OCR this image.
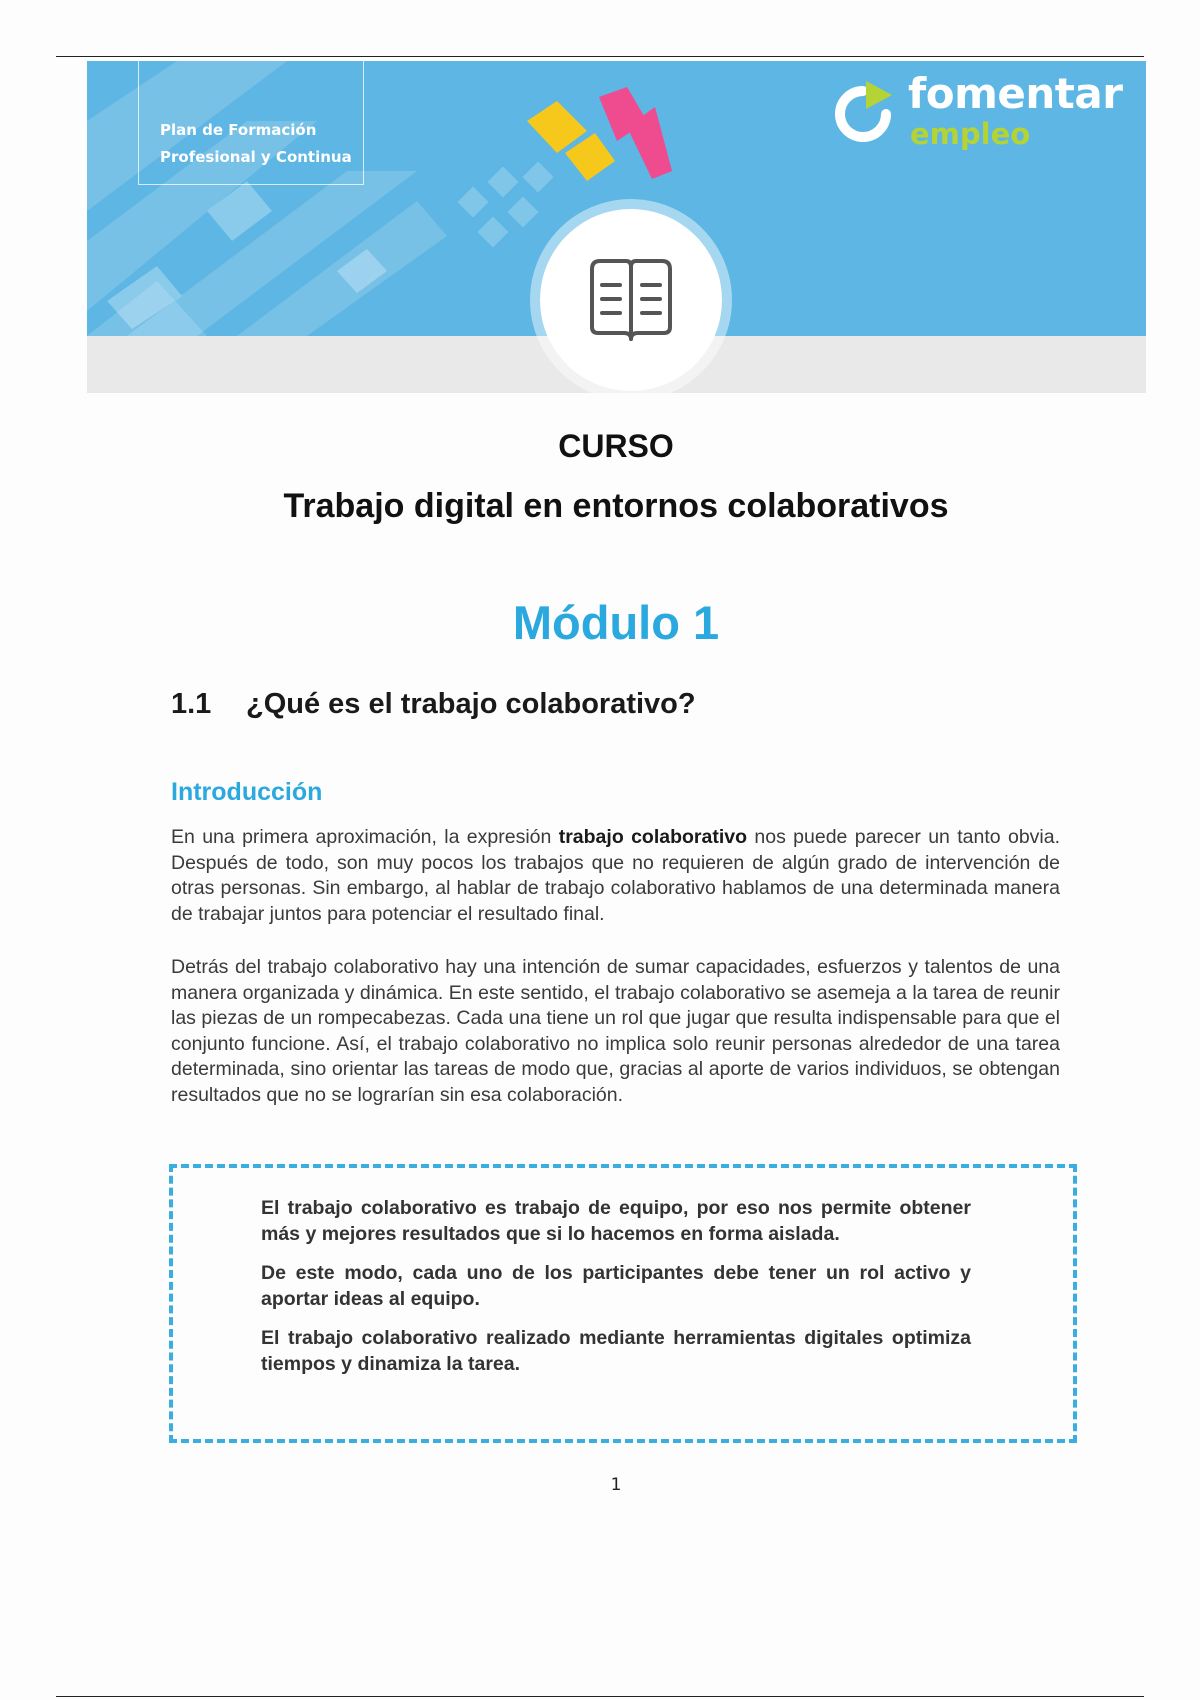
Plan de Formación
Profesional y Continua
fomentar
empleo
CURSO
Trabajo digital en entornos colaborativos
Módulo 1
1.1 ¿Qué es el trabajo colaborativo?
Introducción
En una primera aproximación, la expresión trabajo colaborativo nos puede parecer un tanto obvia. Después de todo, son muy pocos los trabajos que no requieren de algún grado de intervención de otras personas. Sin embargo, al hablar de trabajo colaborativo hablamos de una determinada manera de trabajar juntos para potenciar el resultado final.
Detrás del trabajo colaborativo hay una intención de sumar capacidades, esfuerzos y talentos de una manera organizada y dinámica. En este sentido, el trabajo colaborativo se asemeja a la tarea de reunir las piezas de un rompecabezas. Cada una tiene un rol que jugar que resulta indispensable para que el conjunto funcione. Así, el trabajo colaborativo no implica solo reunir personas alrededor de una tarea determinada, sino orientar las tareas de modo que, gracias al aporte de varios individuos, se obtengan resultados que no se lograrían sin esa colaboración.

El trabajo colaborativo es trabajo de equipo, por eso nos permite obtener más y mejores resultados que si lo hacemos en forma aislada.

De este modo, cada uno de los participantes debe tener un rol activo y aportar ideas al equipo.

El trabajo colaborativo realizado mediante herramientas digitales optimiza tiempos y dinamiza la tarea.

1
